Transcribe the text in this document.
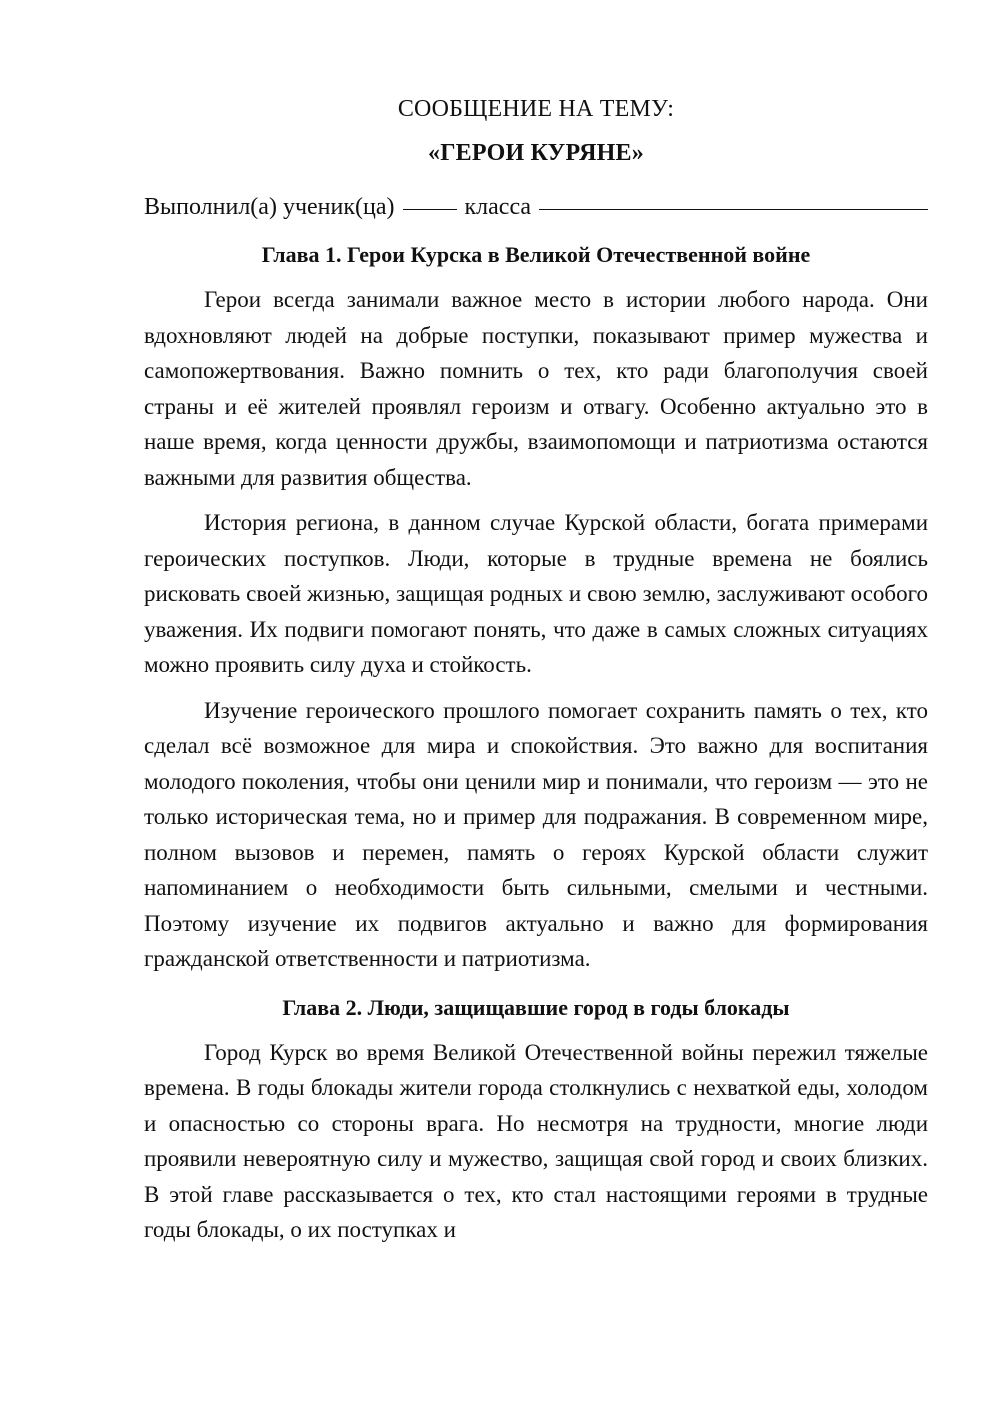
СООБЩЕНИЕ НА ТЕМУ:

«ГЕРОИ КУРЯНЕ»

Выполнил(а) ученик(ца)	класса
Глава 1. Герои Курска в Великой Отечественной войне

Герои всегда занимали важное место в истории любого народа. Они вдохновляют людей на добрые поступки, показывают пример мужества и самопожертвования. Важно помнить о тех, кто ради благополучия своей страны и её жителей проявлял героизм и отвагу. Особенно актуально это в наше время, когда ценности дружбы, взаимопомощи и патриотизма остаются важными для развития общества.

История региона, в данном случае Курской области, богата примерами героических поступков. Люди, которые в трудные времена не боялись рисковать своей жизнью, защищая родных и свою землю, заслуживают особого уважения. Их подвиги помогают понять, что даже в самых сложных ситуациях можно проявить силу духа и стойкость.

Изучение героического прошлого помогает сохранить память о тех, кто сделал всё возможное для мира и спокойствия. Это важно для воспитания молодого поколения, чтобы они ценили мир и понимали, что героизм — это не только историческая тема, но и пример для подражания. В современном мире, полном вызовов и перемен, память о героях Курской области служит напоминанием о необходимости быть сильными, смелыми и честными. Поэтому изучение их подвигов актуально и важно для формирования гражданской ответственности и патриотизма.

Глава 2. Люди, защищавшие город в годы блокады

Город Курск во время Великой Отечественной войны пережил тяжелые времена. В годы блокады жители города столкнулись с нехваткой еды, холодом и опасностью со стороны врага. Но несмотря на трудности, многие люди проявили невероятную силу и мужество, защищая свой город и своих близких. В этой главе рассказывается о тех, кто стал настоящими героями в трудные годы блокады, о их поступках и
